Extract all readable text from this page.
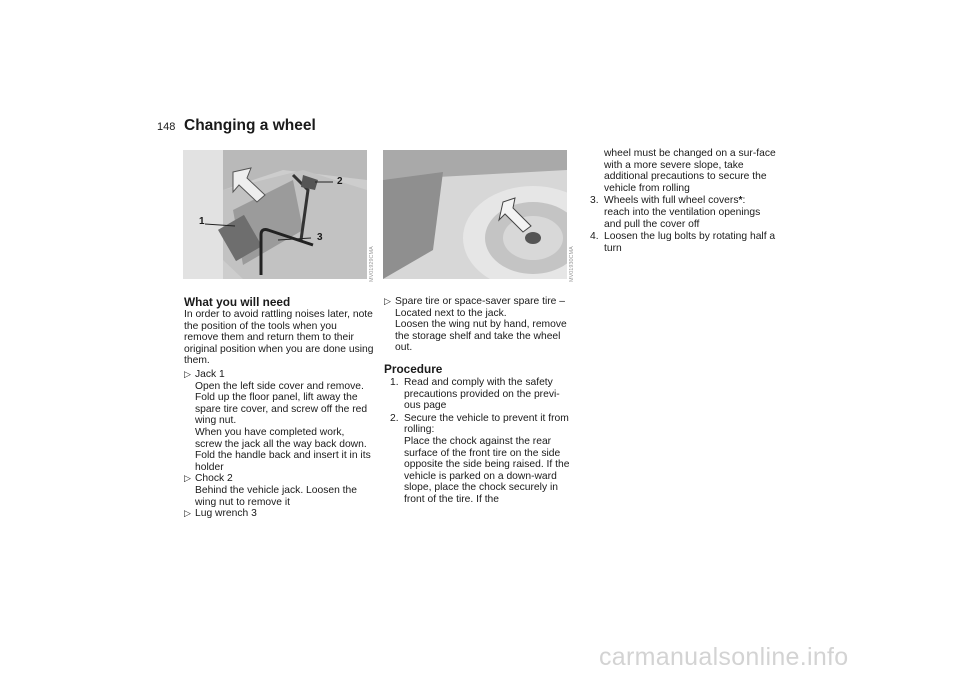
148 Changing a wheel
1
2
3
MV01929CMA	MV01930CMA

What you will need

In order to avoid rattling noises later, note the position of the tools when you remove them and return them to their original position when you are done using them.

▷ Jack 1

Open the left side cover and remove. Fold up the floor panel, lift away the spare tire cover, and screw off the red wing nut.

When you have completed work, screw the jack all the way back down. Fold the handle back and insert it in its holder

▷ Chock 2

Behind the vehicle jack. Loosen the wing nut to remove it

▷ Lug wrench 3

▷ Spare tire or space-saver spare tire – Located next to the jack.

Loosen the wing nut by hand, remove the storage shelf and take the wheel out.

Procedure

1. Read and comply with the safety precautions provided on the previ-ous page

2. Secure the vehicle to prevent it from rolling:

Place the chock against the rear surface of the front tire on the side opposite the side being raised. If the vehicle is parked on a down-ward slope, place the chock securely in front of the tire. If the

wheel must be changed on a sur-face with a more severe slope, take additional precautions to secure the vehicle from rolling

3. Wheels with full wheel covers*:

reach into the ventilation openings and pull the cover off

4. Loosen the lug bolts by rotating half a turn

carmanualsonline.info
